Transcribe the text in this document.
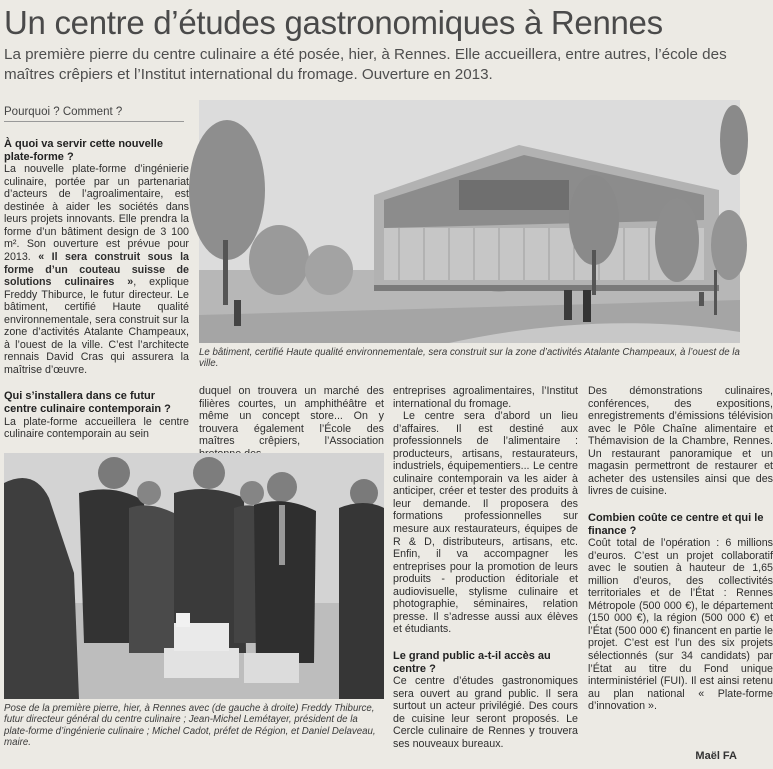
Un centre d’études gastronomiques à Rennes
La première pierre du centre culinaire a été posée, hier, à Rennes. Elle accueillera, entre autres, l’école des maîtres crêpiers et l’Institut international du fromage. Ouverture en 2013.
Pourquoi ? Comment ?
À quoi va servir cette nouvelle plate-forme ?

La nouvelle plate-forme d’ingénierie culinaire, portée par un partenariat d’acteurs de l’agroalimentaire, est destinée à aider les sociétés dans leurs projets innovants. Elle prendra la forme d’un bâtiment design de 3 100 m². Son ouverture est prévue pour 2013. « Il sera construit sous la forme d’un couteau suisse de solutions culinaires », explique Freddy Thiburce, le futur directeur. Le bâtiment, certifié Haute qualité environnementale, sera construit sur la zone d’activités Atalante Champeaux, à l’ouest de la ville. C’est l’architecte rennais David Cras qui assurera la maîtrise d’œuvre.

Qui s’installera dans ce futur centre culinaire contemporain ?

La plate-forme accueillera le centre culinaire contemporain au sein

Le bâtiment, certifié Haute qualité environnementale, sera construit sur la zone d’activités Atalante Champeaux, à l’ouest de la ville.

duquel on trouvera un marché des filières courtes, un amphithéâtre et même un concept store... On y trouvera également l’École des maîtres crêpiers, l’Association

Pose de la première pierre, hier, à Rennes avec (de gauche à droite) Freddy Thiburce, futur directeur général du centre culinaire ; Jean-Michel Lemétayer, président de la plate-forme d’ingénierie culinaire ; Michel Cadot, préfet de Région, et Daniel Delaveau, maire.

entreprises agroalimentaires, l’Institut international du fromage.

Le centre sera d’abord un lieu d’affaires. Il est destiné aux professionnels de l’alimentaire : producteurs, artisans, restaurateurs, industriels, équipementiers... Le centre culinaire contemporain va les aider à anticiper, créer et tester des produits à leur demande. Il proposera des formations professionnelles sur mesure aux restaurateurs, équipes de R & D, distributeurs, artisans, etc. Enfin, il va accompagner les entreprises pour la promotion de leurs produits - production éditoriale et audiovisuelle, stylisme culinaire et photographie, séminaires, relation presse. Il s’adresse aussi aux élèves et étudiants.

Le grand public a-t-il accès au centre ?

Ce centre d’études gastronomiques sera ouvert au grand public. Il sera surtout un acteur privilégié. Des cours de cuisine leur seront proposés. Le Cercle culinaire de Rennes y trouvera ses nouveaux bureaux.

Des démonstrations culinaires, conférences, des expositions, enregistrements d’émissions télévision avec le Pôle Chaîne alimentaire et Thémavision de la Chambre, Rennes. Un restaurant panoramique et un magasin permettront de restaurer et acheter des ustensiles ainsi que des livres de cuisine.

Combien coûte ce centre et qui le finance ?

Coût total de l’opération : 6 millions d’euros. C’est un projet collaboratif avec le soutien à hauteur de 1,65 million d’euros, des collectivités territoriales et de l’État : Rennes Métropole (500 000 €), le département (150 000 €), la région (500 000 €) et l’État (500 000 €) financent en partie le projet. C’est est l’un des six projets sélectionnés (sur 34 candidats) par l’État au titre du Fond unique interministériel (FUI). Il est ainsi retenu au plan national « Plate-forme d’innovation ».

Maël FA
